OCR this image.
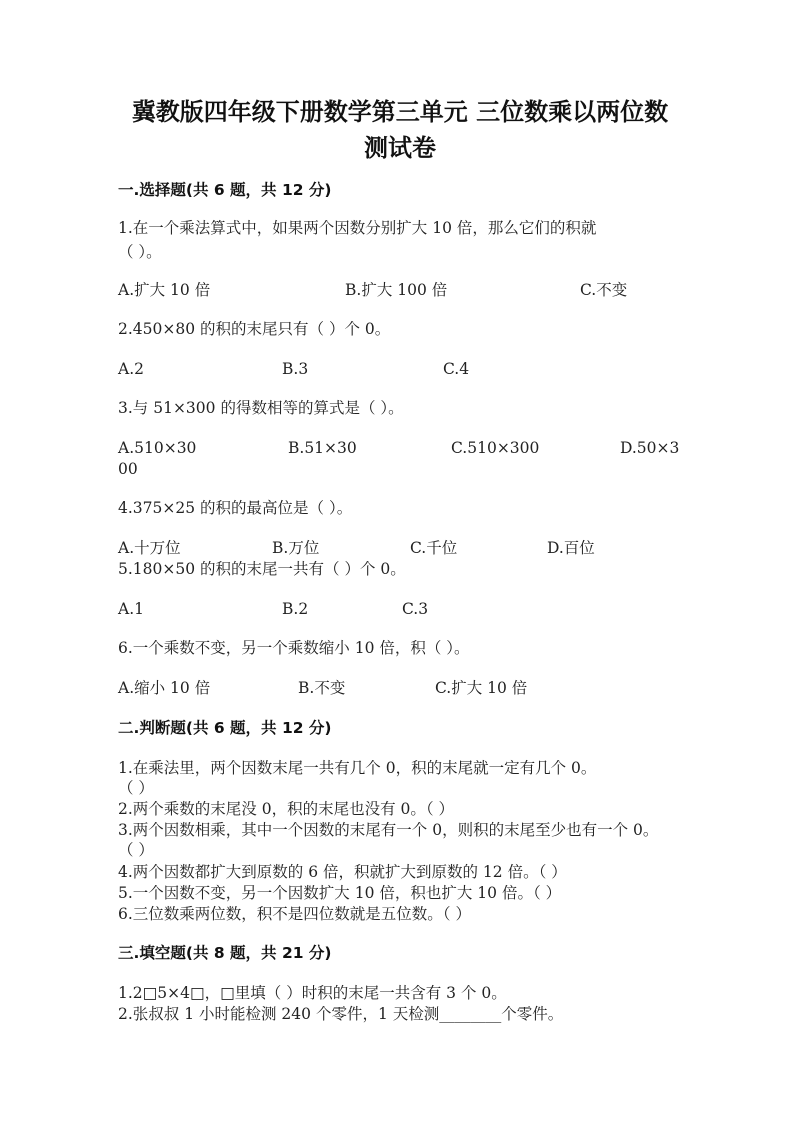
冀教版四年级下册数学第三单元 三位数乘以两位数
测试卷
一.选择题(共 6 题，共 12 分)
1.在一个乘法算式中，如果两个因数分别扩大 10 倍，那么它们的积就
（ ）。
A.扩大 10 倍	B.扩大 100 倍	C.不变
2.450×80 的积的末尾只有（ ）个 0。
A.2	B.3	C.4
3.与 51×300 的得数相等的算式是（ ）。
A.510×30	B.51×30	C.510×300	D.50×3
00
4.375×25 的积的最高位是（ ）。
A.十万位	B.万位	C.千位	D.百位
5.180×50 的积的末尾一共有（ ）个 0。
A.1	B.2	C.3
6.一个乘数不变，另一个乘数缩小 10 倍，积（ ）。
A.缩小 10 倍	B.不变	C.扩大 10 倍
二.判断题(共 6 题，共 12 分)
1.在乘法里，两个因数末尾一共有几个 0，积的末尾就一定有几个 0。
（ ）
2.两个乘数的末尾没 0，积的末尾也没有 0。（ ）
3.两个因数相乘，其中一个因数的末尾有一个 0，则积的末尾至少也有一个 0。
（ ）
4.两个因数都扩大到原数的 6 倍，积就扩大到原数的 12 倍。（ ）
5.一个因数不变，另一个因数扩大 10 倍，积也扩大 10 倍。（ ）
6.三位数乘两位数，积不是四位数就是五位数。（ ）
三.填空题(共 8 题，共 21 分)
1.2□5×4□，□里填（ ）时积的末尾一共含有 3 个 0。
2.张叔叔 1 小时能检测 240 个零件，1 天检测________个零件。
